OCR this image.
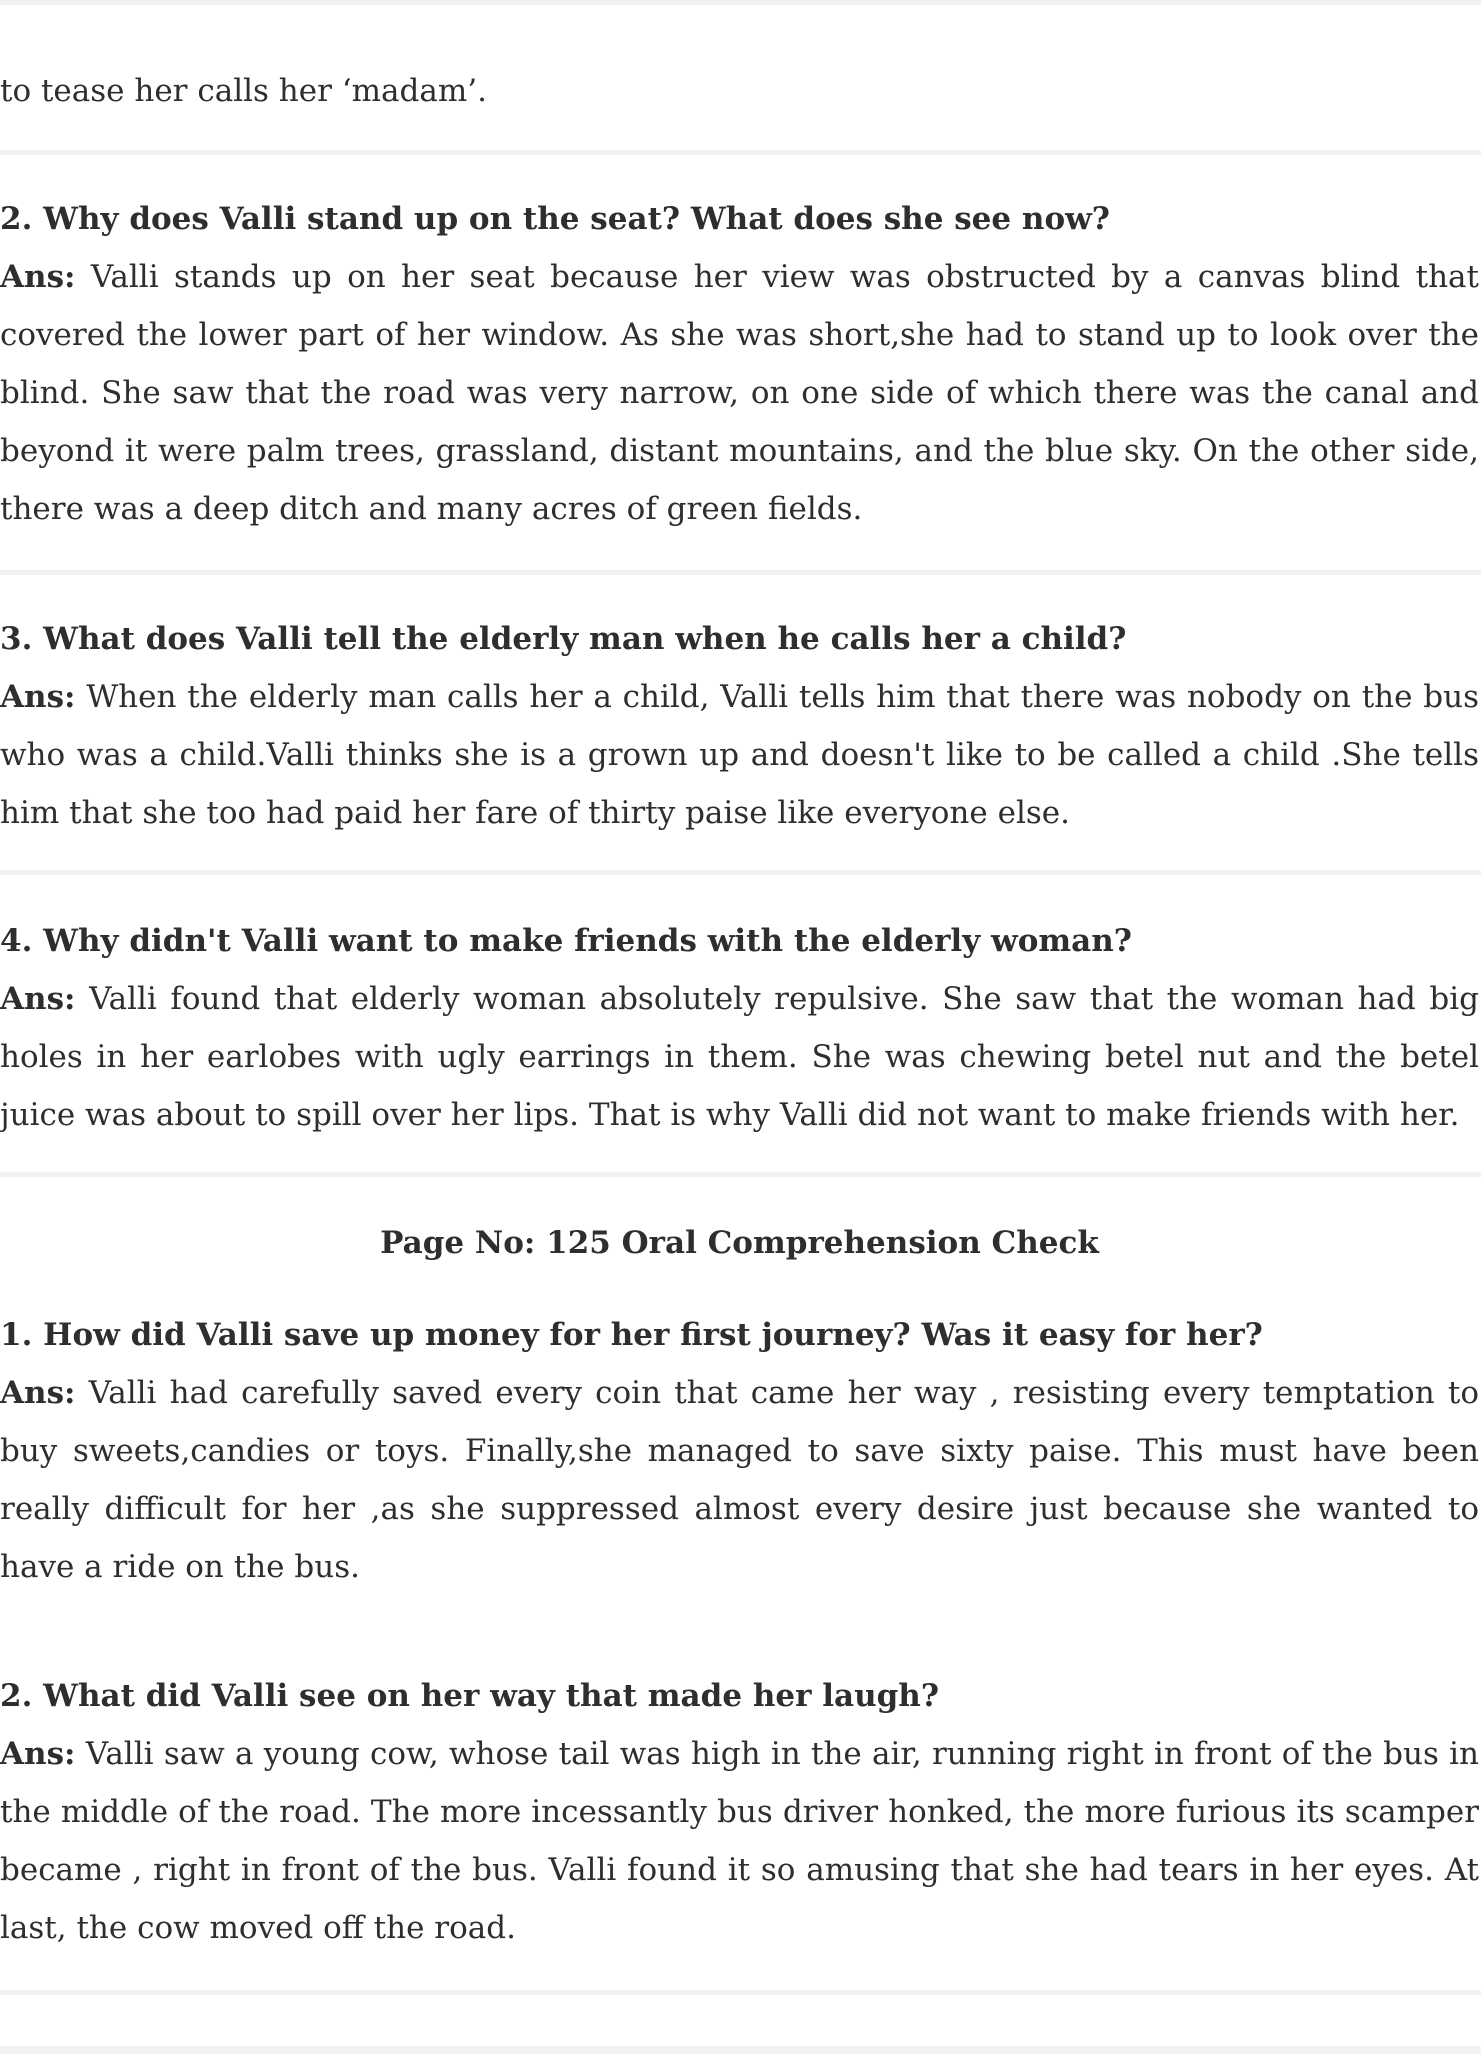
to tease her calls her ‘madam’.

2. Why does Valli stand up on the seat? What does she see now?

Ans: Valli stands up on her seat because her view was obstructed by a canvas blind that covered the lower part of her window. As she was short,she had to stand up to look over the blind. She saw that the road was very narrow, on one side of which there was the canal and beyond it were palm trees, grassland, distant mountains, and the blue sky. On the other side, there was a deep ditch and many acres of green fields.

3. What does Valli tell the elderly man when he calls her a child?

Ans: When the elderly man calls her a child, Valli tells him that there was nobody on the bus who was a child.Valli thinks she is a grown up and doesn't like to be called a child .She tells him that she too had paid her fare of thirty paise like everyone else.

4. Why didn't Valli want to make friends with the elderly woman?

Ans: Valli found that elderly woman absolutely repulsive. She saw that the woman had big holes in her earlobes with ugly earrings in them. She was chewing betel nut and the betel juice was about to spill over her lips. That is why Valli did not want to make friends with her.

Page No: 125 Oral Comprehension Check

1. How did Valli save up money for her first journey? Was it easy for her?

Ans: Valli had carefully saved every coin that came her way , resisting every temptation to buy sweets,candies or toys. Finally,she managed to save sixty paise. This must have been really difficult for her ,as she suppressed almost every desire just because she wanted to have a ride on the bus.

2. What did Valli see on her way that made her laugh?

Ans: Valli saw a young cow, whose tail was high in the air, running right in front of the bus in the middle of the road. The more incessantly bus driver honked, the more furious its scamper became , right in front of the bus. Valli found it so amusing that she had tears in her eyes. At last, the cow moved off the road.
